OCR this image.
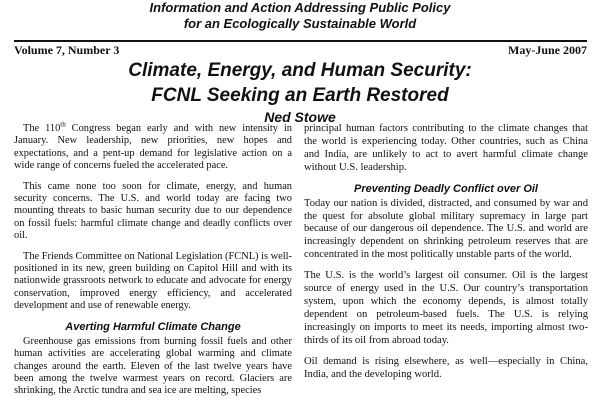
Information and Action Addressing Public Policy
for an Ecologically Sustainable World
Volume 7, Number 3	May-June 2007
Climate, Energy, and Human Security:
FCNL Seeking an Earth Restored
Ned Stowe

The 110th Congress began early and with new intensity in January. New leadership, new priorities, new hopes and expectations, and a pent-up demand for legislative action on a wide range of concerns fueled the accelerated pace.

This came none too soon for climate, energy, and human security concerns. The U.S. and world today are facing two mounting threats to basic human security due to our dependence on fossil fuels: harmful climate change and deadly conflicts over oil.

The Friends Committee on National Legislation (FCNL) is well-positioned in its new, green building on Capitol Hill and with its nationwide grassroots network to educate and advocate for energy conservation, improved energy efficiency, and accelerated development and use of renewable energy.

Averting Harmful Climate Change

Greenhouse gas emissions from burning fossil fuels and other human activities are accelerating global warming and climate changes around the earth. Eleven of the last twelve years have been among the twelve warmest years on record. Glaciers are shrinking, the Arctic tundra and sea ice are melting, species

principal human factors contributing to the climate changes that the world is experiencing today. Other countries, such as China and India, are unlikely to act to avert harmful climate change without U.S. leadership.

Preventing Deadly Conflict over Oil

Today our nation is divided, distracted, and consumed by war and the quest for absolute global military supremacy in large part because of our dangerous oil dependence. The U.S. and world are increasingly dependent on shrinking petroleum reserves that are concentrated in the most politically unstable parts of the world.

The U.S. is the world’s largest oil consumer. Oil is the largest source of energy used in the U.S. Our country’s transportation system, upon which the economy depends, is almost totally dependent on petroleum-based fuels. The U.S. is relying increasingly on imports to meet its needs, importing almost two-thirds of its oil from abroad today.

Oil demand is rising elsewhere, as well—especially in China, India, and the developing world.
